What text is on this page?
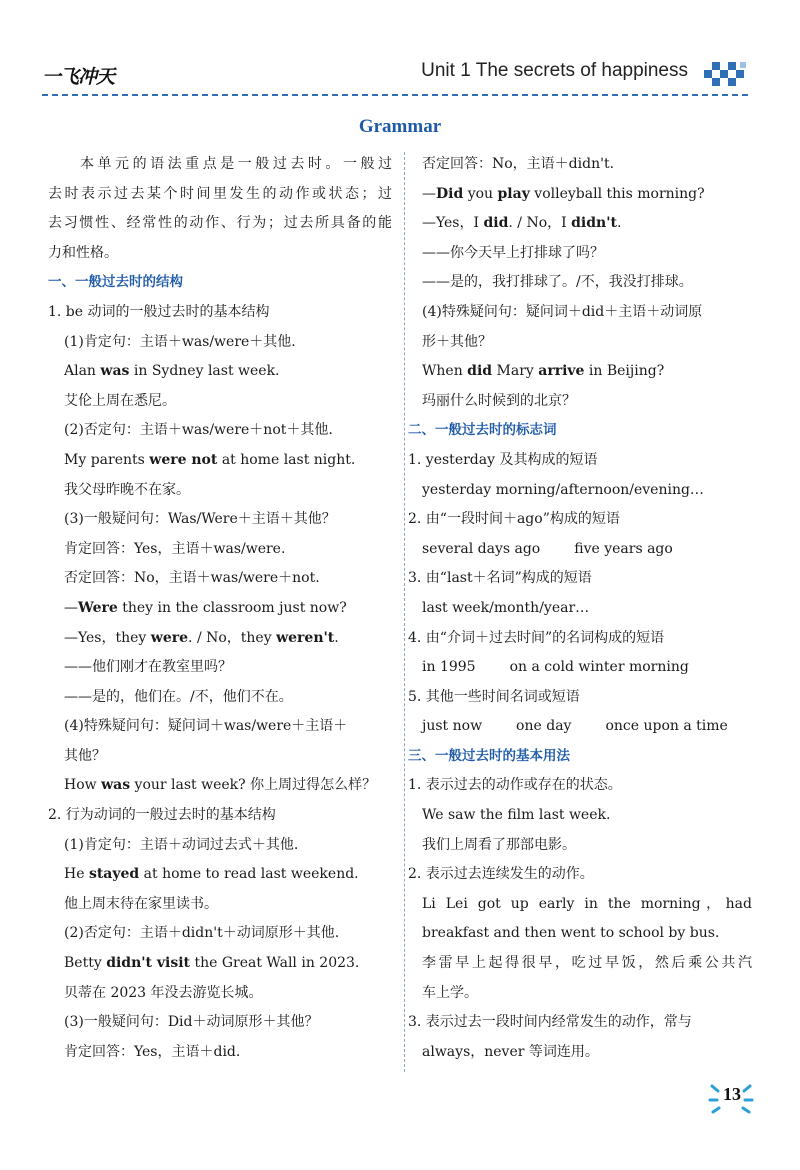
一飞冲天	Unit 1 The secrets of happiness
Grammar
本单元的语法重点是一般过去时。一般过
去时表示过去某个时间里发生的动作或状态；过
去习惯性、经常性的动作、行为；过去所具备的能
力和性格。
一、一般过去时的结构
1. be 动词的一般过去时的基本结构
(1)肯定句：主语＋was/were＋其他.
Alan was in Sydney last week.
艾伦上周在悉尼。
(2)否定句：主语＋was/were＋not＋其他.
My parents were not at home last night.
我父母昨晚不在家。
(3)一般疑问句：Was/Were＋主语＋其他？
肯定回答：Yes，主语＋was/were.
否定回答：No，主语＋was/were＋not.
—Were they in the classroom just now?
—Yes，they were. / No，they weren't.
——他们刚才在教室里吗？
——是的，他们在。/不，他们不在。
(4)特殊疑问句：疑问词＋was/were＋主语＋
其他？
How was your last week? 你上周过得怎么样？
2. 行为动词的一般过去时的基本结构
(1)肯定句：主语＋动词过去式＋其他.
He stayed at home to read last weekend.
他上周末待在家里读书。
(2)否定句：主语＋didn't＋动词原形＋其他.
Betty didn't visit the Great Wall in 2023.
贝蒂在 2023 年没去游览长城。
(3)一般疑问句：Did＋动词原形＋其他？
肯定回答：Yes，主语＋did.
否定回答：No，主语＋didn't.
—Did you play volleyball this morning?
—Yes，I did. / No，I didn't.
——你今天早上打排球了吗？
——是的，我打排球了。/不，我没打排球。
(4)特殊疑问句：疑问词＋did＋主语＋动词原
形＋其他？
When did Mary arrive in Beijing?
玛丽什么时候到的北京？
二、一般过去时的标志词
1. yesterday 及其构成的短语
yesterday morning/afternoon/evening…
2. 由“一段时间＋ago”构成的短语
several days ago five years ago
3. 由“last＋名词”构成的短语
last week/month/year…
4. 由“介词＋过去时间”的名词构成的短语
in 1995 on a cold winter morning
5. 其他一些时间名词或短语
just now one day once upon a time
三、一般过去时的基本用法
1. 表示过去的动作或存在的状态。
We saw the film last week.
我们上周看了那部电影。
2. 表示过去连续发生的动作。
Li Lei got up early in the morning，had
breakfast and then went to school by bus.
李雷早上起得很早，吃过早饭，然后乘公共汽
车上学。
3. 表示过去一段时间内经常发生的动作，常与
always，never 等词连用。
13
